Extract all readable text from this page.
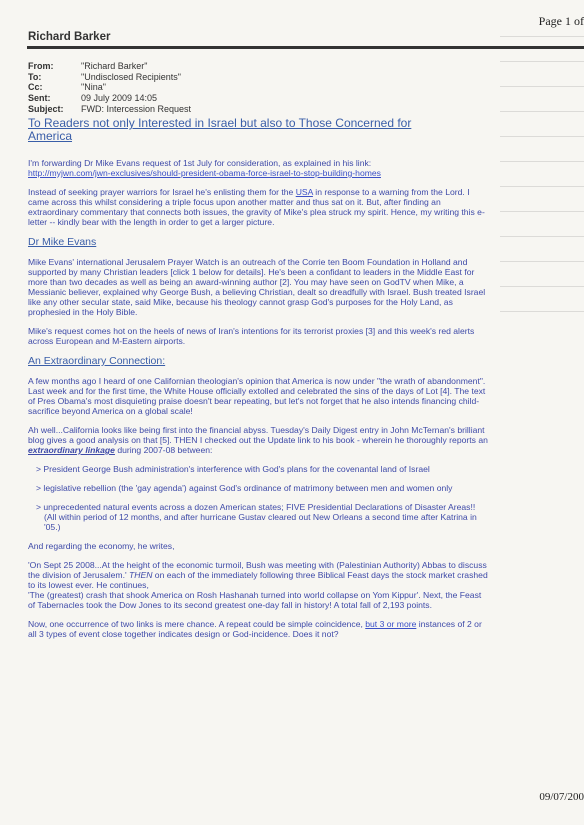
Page 1 of
Richard Barker
From:	"Richard Barker"
To:	"Undisclosed Recipients"
Cc:	"Nina"
Sent:	09 July 2009 14:05
Subject:	FWD: Intercession Request
To Readers not only Interested in Israel but also to Those Concerned for America

I'm forwarding Dr Mike Evans request of 1st July for consideration, as explained in his link:
http://myjwn.com/jwn-exclusives/should-president-obama-force-israel-to-stop-building-homes

Instead of seeking prayer warriors for Israel he's enlisting them for the USA in response to a warning from the Lord. I came across this whilst considering a triple focus upon another matter and thus sat on it. But, after finding an extraordinary commentary that connects both issues, the gravity of Mike's plea struck my spirit. Hence, my writing this e-letter -- kindly bear with the length in order to get a larger picture.

Dr Mike Evans

Mike Evans' international Jerusalem Prayer Watch is an outreach of the Corrie ten Boom Foundation in Holland and supported by many Christian leaders [click 1 below for details]. He's been a confidant to leaders in the Middle East for more than two decades as well as being an award-winning author [2]. You may have seen on GodTV when Mike, a Messianic believer, explained why George Bush, a believing Christian, dealt so dreadfully with Israel. Bush treated Israel like any other secular state, said Mike, because his theology cannot grasp God's purposes for the Holy Land, as prophesied in the Holy Bible.

Mike's request comes hot on the heels of news of Iran's intentions for its terrorist proxies [3] and this week's red alerts across European and M-Eastern airports.

An Extraordinary Connection:

A few months ago I heard of one Californian theologian's opinion that America is now under "the wrath of abandonment". Last week and for the first time, the White House officially extolled and celebrated the sins of the days of Lot [4]. The text of Pres Obama's most disquieting praise doesn't bear repeating, but let's not forget that he also intends financing child-sacrifice beyond America on a global scale!

Ah well...California looks like being first into the financial abyss. Tuesday's Daily Digest entry in John McTernan's brilliant blog gives a good analysis on that [5]. THEN I checked out the Update link to his book - wherein he thoroughly reports an extraordinary linkage during 2007-08 between:

> President George Bush administration's interference with God's plans for the covenantal land of Israel

> legislative rebellion (the 'gay agenda') against God's ordinance of matrimony between men and women only

> unprecedented natural events across a dozen American states; FIVE Presidential Declarations of Disaster Areas!!

(All within period of 12 months, and after hurricane Gustav cleared out New Orleans a second time after Katrina in '05.)

And regarding the economy, he writes,

'On Sept 25 2008...At the height of the economic turmoil, Bush was meeting with (Palestinian Authority) Abbas to discuss the division of Jerusalem.' THEN on each of the immediately following three Biblical Feast days the stock market crashed to its lowest ever. He continues,
'The (greatest) crash that shook America on Rosh Hashanah turned into world collapse on Yom Kippur'. Next, the Feast of Tabernacles took the Dow Jones to its second greatest one-day fall in history! A total fall of 2,193 points.

Now, one occurrence of two links is mere chance. A repeat could be simple coincidence, but 3 or more instances of 2 or all 3 types of event close together indicates design or God-incidence. Does it not?

09/07/200
